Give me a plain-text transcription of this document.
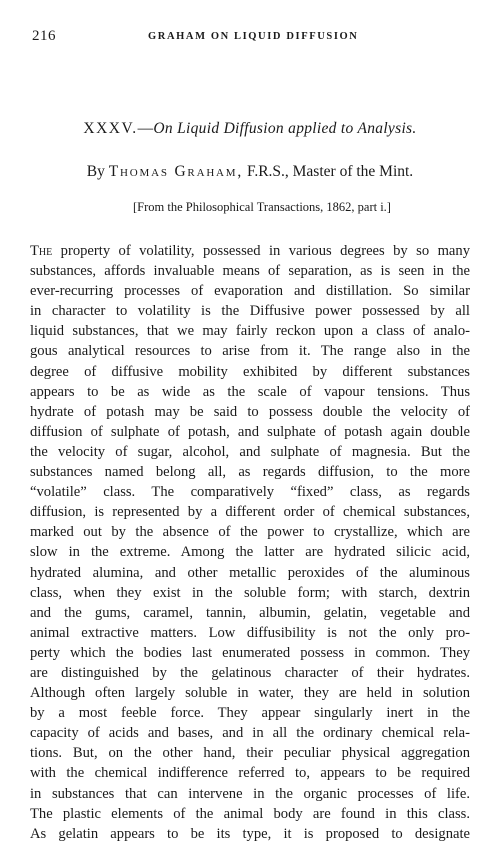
216	GRAHAM ON LIQUID DIFFUSION
XXXV.—On Liquid Diffusion applied to Analysis.
By Thomas Graham, F.R.S., Master of the Mint.
[From the Philosophical Transactions, 1862, part i.]
The property of volatility, possessed in various degrees by so many
substances, affords invaluable means of separation, as is seen in the
ever-recurring processes of evaporation and distillation. So similar
in character to volatility is the Diffusive power possessed by all
liquid substances, that we may fairly reckon upon a class of analo-
gous analytical resources to arise from it. The range also in the
degree of diffusive mobility exhibited by different substances
appears to be as wide as the scale of vapour tensions. Thus
hydrate of potash may be said to possess double the velocity of
diffusion of sulphate of potash, and sulphate of potash again double
the velocity of sugar, alcohol, and sulphate of magnesia. But the
substances named belong all, as regards diffusion, to the more
“volatile” class. The comparatively “fixed” class, as regards
diffusion, is represented by a different order of chemical substances,
marked out by the absence of the power to crystallize, which are
slow in the extreme. Among the latter are hydrated silicic acid,
hydrated alumina, and other metallic peroxides of the aluminous
class, when they exist in the soluble form; with starch, dextrin
and the gums, caramel, tannin, albumin, gelatin, vegetable and
animal extractive matters. Low diffusibility is not the only pro-
perty which the bodies last enumerated possess in common. They
are distinguished by the gelatinous character of their hydrates.
Although often largely soluble in water, they are held in solution
by a most feeble force. They appear singularly inert in the
capacity of acids and bases, and in all the ordinary chemical rela-
tions. But, on the other hand, their peculiar physical aggregation
with the chemical indifference referred to, appears to be required
in substances that can intervene in the organic processes of life.
The plastic elements of the animal body are found in this class.
As gelatin appears to be its type, it is proposed to designate
